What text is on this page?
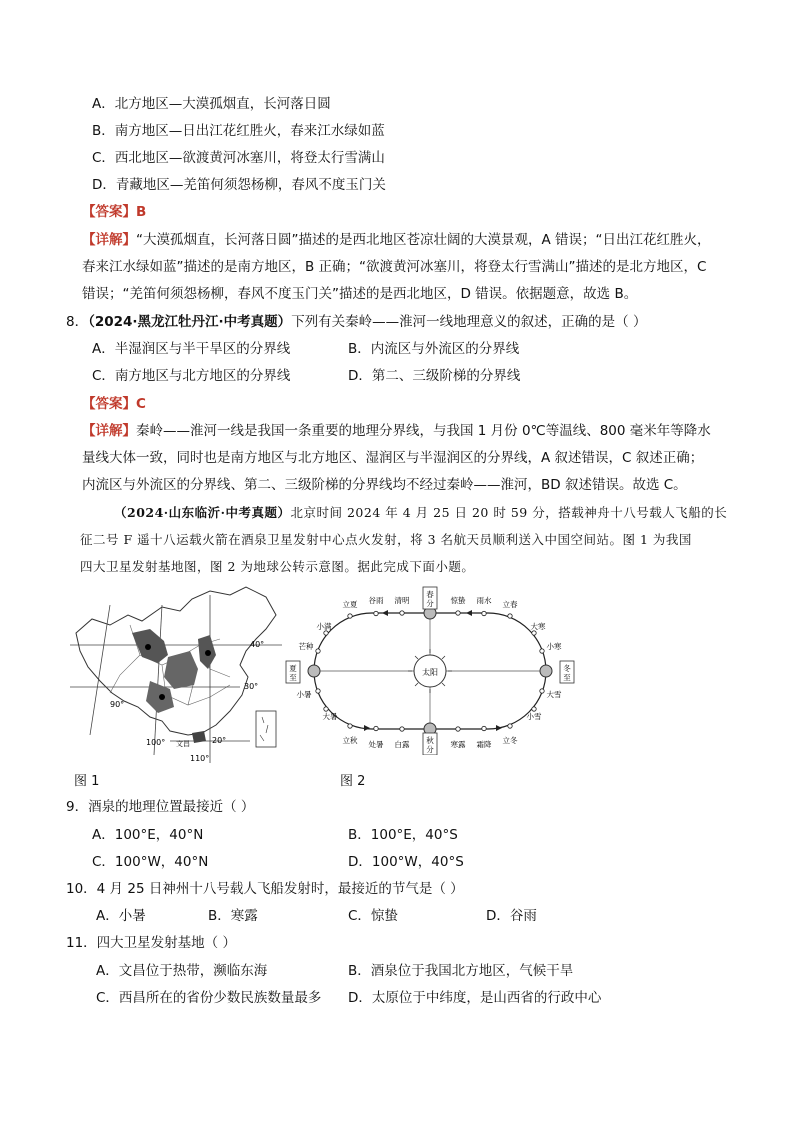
A．北方地区—大漠孤烟直，长河落日圆
B．南方地区—日出江花红胜火，春来江水绿如蓝
C．西北地区—欲渡黄河冰塞川，将登太行雪满山
D．青藏地区—羌笛何须怨杨柳，春风不度玉门关
【答案】B
【详解】“大漠孤烟直，长河落日圆”描述的是西北地区苍凉壮阔的大漠景观，A 错误；“日出江花红胜火，
春来江水绿如蓝”描述的是南方地区，B 正确；“欲渡黄河冰塞川，将登太行雪满山”描述的是北方地区，C
错误；“羌笛何须怨杨柳，春风不度玉门关”描述的是西北地区，D 错误。依据题意，故选 B。
8．（2024·黑龙江牡丹江·中考真题）下列有关秦岭——淮河一线地理意义的叙述，正确的是（ ）
A．半湿润区与半干旱区的分界线	B．内流区与外流区的分界线
C．南方地区与北方地区的分界线	D．第二、三级阶梯的分界线
【答案】C
【详解】秦岭——淮河一线是我国一条重要的地理分界线，与我国 1 月份 0℃等温线、800 毫米年等降水
量线大体一致，同时也是南方地区与北方地区、湿润区与半湿润区的分界线，A 叙述错误，C 叙述正确；
内流区与外流区的分界线、第二、三级阶梯的分界线均不经过秦岭——淮河，BD 叙述错误。故选 C。
（2024·山东临沂·中考真题）北京时间 2024 年 4 月 25 日 20 时 59 分，搭载神舟十八号载人飞船的长
征二号 F 遥十八运载火箭在酒泉卫星发射中心点火发射，将 3 名航天员顺利送入中国空间站。图 1 为我国
四大卫星发射基地图，图 2 为地球公转示意图。据此完成下面小题。
40°
30°
20°
90°
100°
110°
文昌
图 1
太阳
春分
秋分
夏至
冬至
立夏 谷雨 清明	惊蛰 雨水 立春
立秋 处暑 白露	寒露 霜降 立冬
小满
芒种
小暑
大暑
大寒
小寒
大雪
小雪
图 2
9．酒泉的地理位置最接近（ ）
A．100°E，40°N	B．100°E，40°S
C．100°W，40°N	D．100°W，40°S
10．4 月 25 日神州十八号载人飞船发射时，最接近的节气是（ ）
A．小暑	B．寒露	C．惊蛰	D．谷雨
11．四大卫星发射基地（ ）
A．文昌位于热带，濒临东海	B．酒泉位于我国北方地区，气候干旱
C．西昌所在的省份少数民族数量最多 D．太原位于中纬度，是山西省的行政中心
